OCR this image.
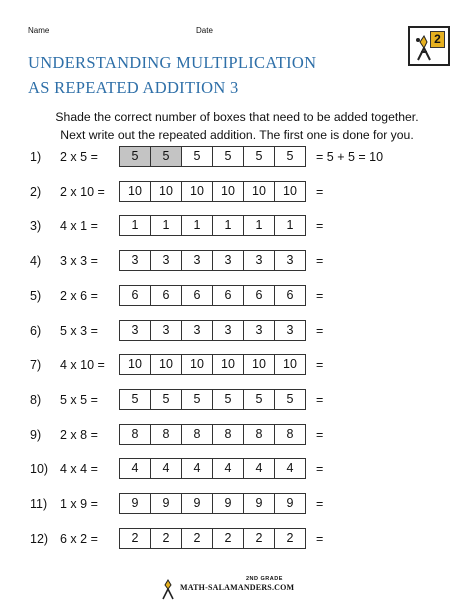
Name	Date
UNDERSTANDING MULTIPLICATION
AS REPEATED ADDITION 3
2
Shade the correct number of boxes that need to be added together.
Next write out the repeated addition. The first one is done for you.
1) 2 x 5 =	5	5	5	5	5	5	= 5 + 5 = 10
2) 2 x 10 =	10	10	10	10	10	10	=
3) 4 x 1 =	1	1	1	1	1	1	=
4) 3 x 3 =	3	3	3	3	3	3	=
5) 2 x 6 =	6	6	6	6	6	6	=
6) 5 x 3 =	3	3	3	3	3	3	=
7) 4 x 10 =	10	10	10	10	10	10	=
8) 5 x 5 =	5	5	5	5	5	5	=
9) 2 x 8 =	8	8	8	8	8	8	=
10) 4 x 4 =	4	4	4	4	4	4	=
11) 1 x 9 =	9	9	9	9	9	9	=
12) 6 x 2 =	2	2	2	2	2	2	=
2ND GRADE
MATH-SALAMANDERS.COM
